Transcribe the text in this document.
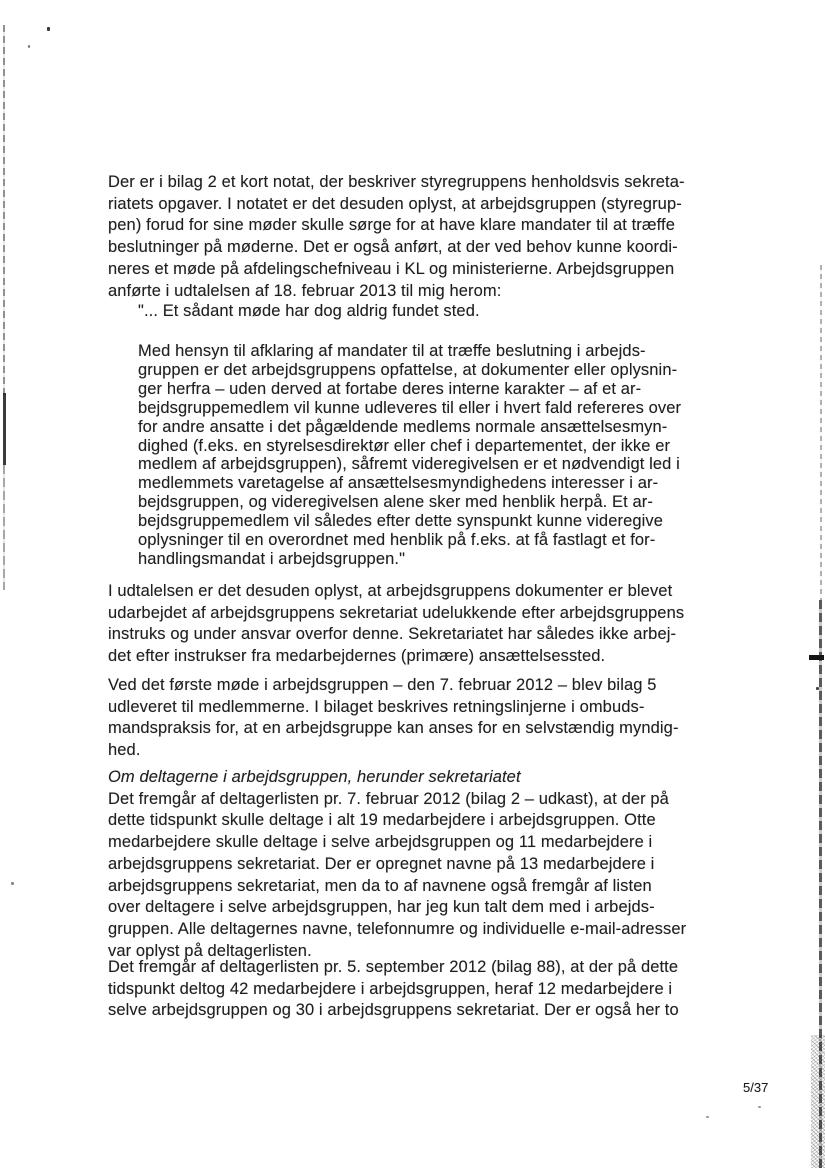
Der er i bilag 2 et kort notat, der beskriver styregruppens henholdsvis sekreta-
riatets opgaver. I notatet er det desuden oplyst, at arbejdsgruppen (styregrup-
pen) forud for sine møder skulle sørge for at have klare mandater til at træffe
beslutninger på møderne. Det er også anført, at der ved behov kunne koordi-
neres et møde på afdelingschefniveau i KL og ministerierne. Arbejdsgruppen
anførte i udtalelsen af 18. februar 2013 til mig herom:
"... Et sådant møde har dog aldrig fundet sted.
Med hensyn til afklaring af mandater til at træffe beslutning i arbejds-
gruppen er det arbejdsgruppens opfattelse, at dokumenter eller oplysnin-
ger herfra – uden derved at fortabe deres interne karakter – af et ar-
bejdsgruppemedlem vil kunne udleveres til eller i hvert fald refereres over
for andre ansatte i det pågældende medlems normale ansættelsesmyn-
dighed (f.eks. en styrelsesdirektør eller chef i departementet, der ikke er
medlem af arbejdsgruppen), såfremt videregivelsen er et nødvendigt led i
medlemmets varetagelse af ansættelsesmyndighedens interesser i ar-
bejdsgruppen, og videregivelsen alene sker med henblik herpå. Et ar-
bejdsgruppemedlem vil således efter dette synspunkt kunne videregive
oplysninger til en overordnet med henblik på f.eks. at få fastlagt et for-
handlingsmandat i arbejdsgruppen."
I udtalelsen er det desuden oplyst, at arbejdsgruppens dokumenter er blevet
udarbejdet af arbejdsgruppens sekretariat udelukkende efter arbejdsgruppens
instruks og under ansvar overfor denne. Sekretariatet har således ikke arbej-
det efter instrukser fra medarbejdernes (primære) ansættelsessted.
Ved det første møde i arbejdsgruppen – den 7. februar 2012 – blev bilag 5
udleveret til medlemmerne. I bilaget beskrives retningslinjerne i ombuds-
mandspraksis for, at en arbejdsgruppe kan anses for en selvstændig myndig-
hed.
Om deltagerne i arbejdsgruppen, herunder sekretariatet
Det fremgår af deltagerlisten pr. 7. februar 2012 (bilag 2 – udkast), at der på
dette tidspunkt skulle deltage i alt 19 medarbejdere i arbejdsgruppen. Otte
medarbejdere skulle deltage i selve arbejdsgruppen og 11 medarbejdere i
arbejdsgruppens sekretariat. Der er opregnet navne på 13 medarbejdere i
arbejdsgruppens sekretariat, men da to af navnene også fremgår af listen
over deltagere i selve arbejdsgruppen, har jeg kun talt dem med i arbejds-
gruppen. Alle deltagernes navne, telefonnumre og individuelle e-mail-adresser
var oplyst på deltagerlisten.
Det fremgår af deltagerlisten pr. 5. september 2012 (bilag 88), at der på dette
tidspunkt deltog 42 medarbejdere i arbejdsgruppen, heraf 12 medarbejdere i
selve arbejdsgruppen og 30 i arbejdsgruppens sekretariat. Der er også her to
5/37
